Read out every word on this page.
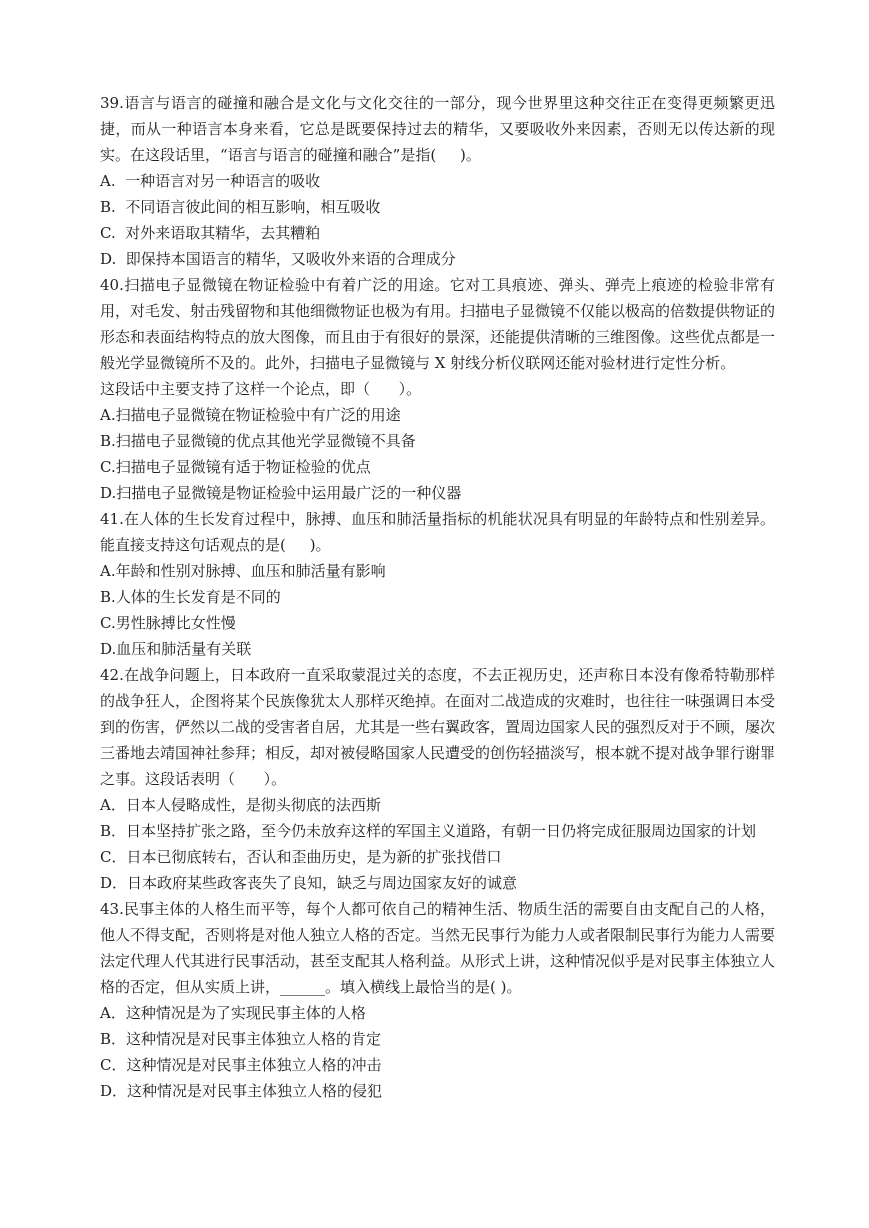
39.语言与语言的碰撞和融合是文化与文化交往的一部分，现今世界里这种交往正在变得更频繁更迅捷，而从一种语言本身来看，它总是既要保持过去的精华，又要吸收外来因素，否则无以传达新的现实。在这段话里，“语言与语言的碰撞和融合”是指(     )。

A.  一种语言对另一种语言的吸收

B.  不同语言彼此间的相互影响，相互吸收

C.  对外来语取其精华，去其糟粕

D.  即保持本国语言的精华，又吸收外来语的合理成分

40.扫描电子显微镜在物证检验中有着广泛的用途。它对工具痕迹、弹头、弹壳上痕迹的检验非常有用，对毛发、射击残留物和其他细微物证也极为有用。扫描电子显微镜不仅能以极高的倍数提供物证的形态和表面结构特点的放大图像，而且由于有很好的景深，还能提供清晰的三维图像。这些优点都是一般光学显微镜所不及的。此外，扫描电子显微镜与 X 射线分析仪联网还能对验材进行定性分析。

这段话中主要支持了这样一个论点，即（      ）。

A.扫描电子显微镜在物证检验中有广泛的用途

B.扫描电子显微镜的优点其他光学显微镜不具备

C.扫描电子显微镜有适于物证检验的优点

D.扫描电子显微镜是物证检验中运用最广泛的一种仪器

41.在人体的生长发育过程中，脉搏、血压和肺活量指标的机能状况具有明显的年龄特点和性别差异。能直接支持这句话观点的是(     )。

A.年龄和性别对脉搏、血压和肺活量有影响

B.人体的生长发育是不同的

C.男性脉搏比女性慢

D.血压和肺活量有关联

42.在战争问题上，日本政府一直采取蒙混过关的态度，不去正视历史，还声称日本没有像希特勒那样的战争狂人，企图将某个民族像犹太人那样灭绝掉。在面对二战造成的灾难时，也往往一味强调日本受到的伤害，俨然以二战的受害者自居，尤其是一些右翼政客，置周边国家人民的强烈反对于不顾，屡次三番地去靖国神社参拜；相反，却对被侵略国家人民遭受的创伤轻描淡写，根本就不提对战争罪行谢罪之事。这段话表明（      ）。

A．日本人侵略成性，是彻头彻底的法西斯

B．日本坚持扩张之路，至今仍未放弃这样的军国主义道路，有朝一日仍将完成征服周边国家的计划

C．日本已彻底转右，否认和歪曲历史，是为新的扩张找借口

D．日本政府某些政客丧失了良知，缺乏与周边国家友好的诚意

43.民事主体的人格生而平等，每个人都可依自己的精神生活、物质生活的需要自由支配自己的人格，他人不得支配，否则将是对他人独立人格的否定。当然无民事行为能力人或者限制民事行为能力人需要法定代理人代其进行民事活动，甚至支配其人格利益。从形式上讲，这种情况似乎是对民事主体独立人格的否定，但从实质上讲，______。填入横线上最恰当的是( )。

A．这种情况是为了实现民事主体的人格

B．这种情况是对民事主体独立人格的肯定

C．这种情况是对民事主体独立人格的冲击

D．这种情况是对民事主体独立人格的侵犯
